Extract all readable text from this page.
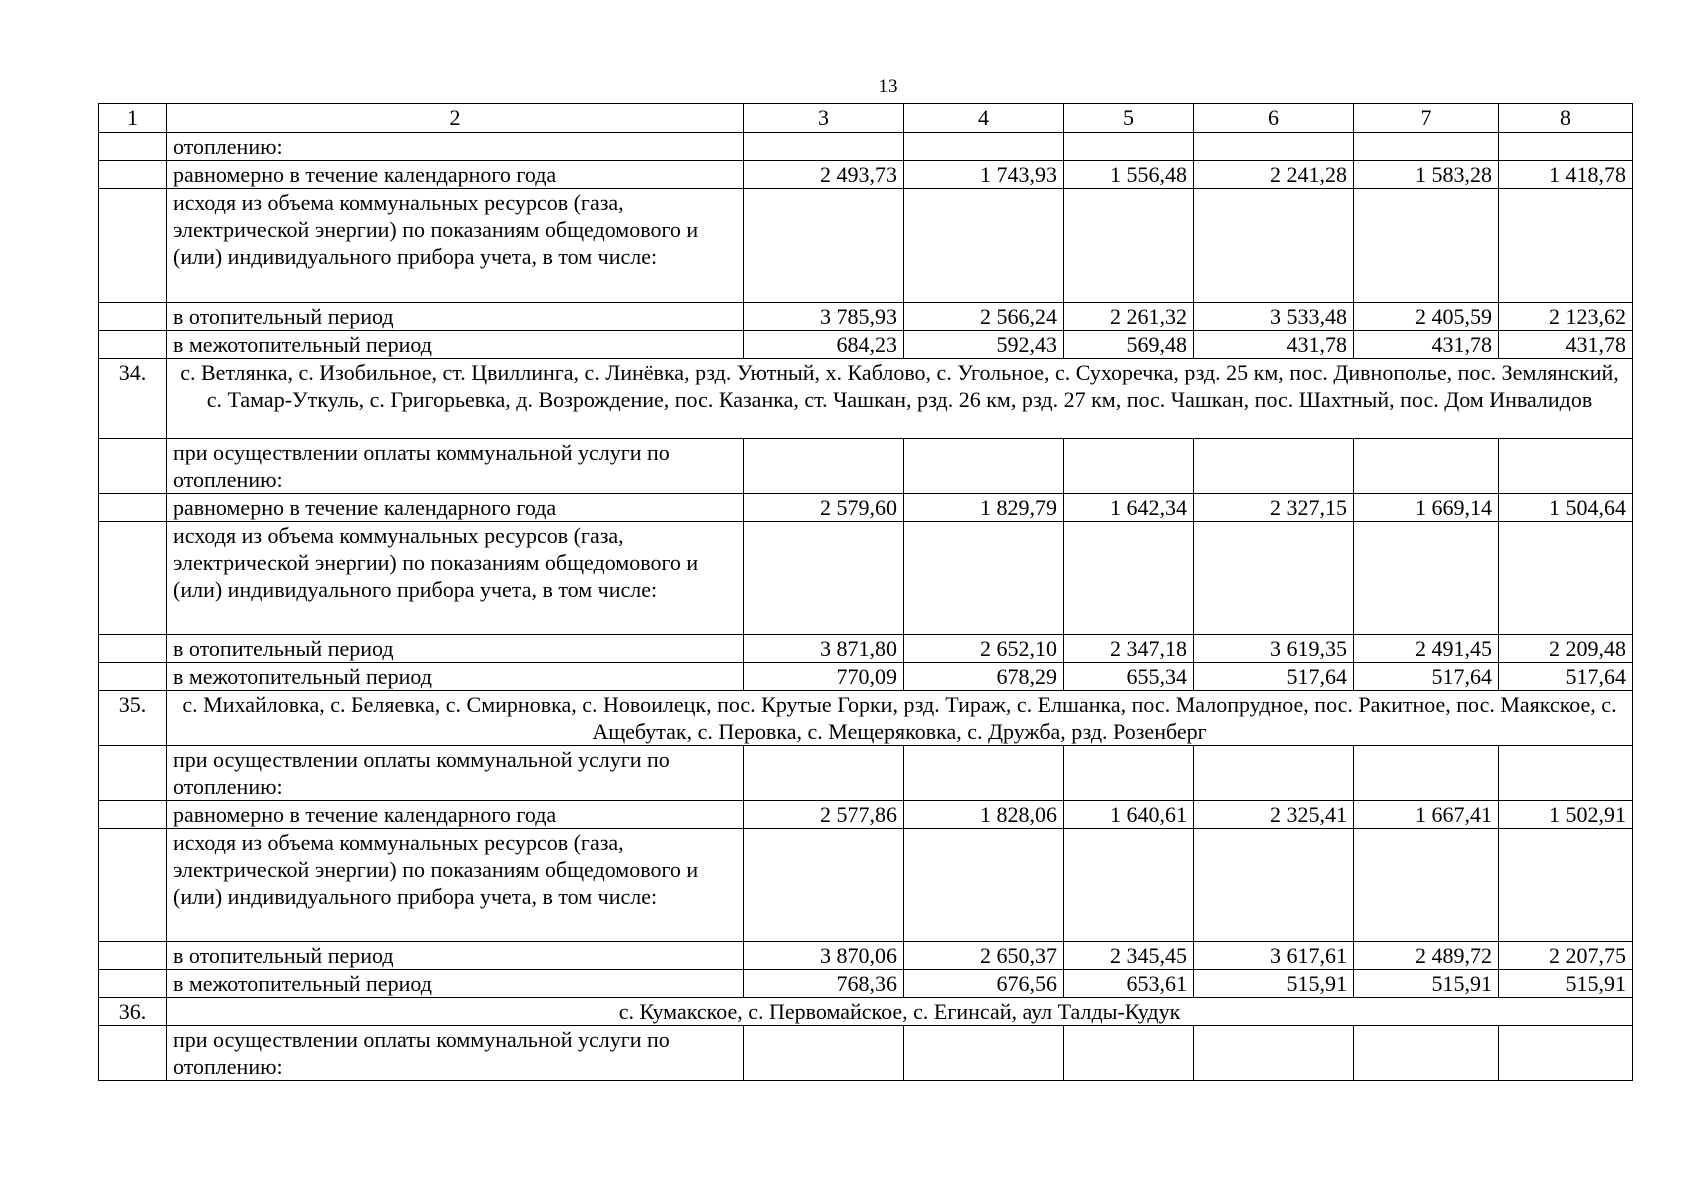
13
1	2	3	4	5	6	7	8
	отоплению:						
	равномерно в течение календарного года	2 493,73	1 743,93	1 556,48	2 241,28	1 583,28	1 418,78
	исходя из объема коммунальных ресурсов (газа, электрической энергии) по показаниям общедомового и (или) индивидуального прибора учета, в том числе:						
	в отопительный период	3 785,93	2 566,24	2 261,32	3 533,48	2 405,59	2 123,62
	в межотопительный период	684,23	592,43	569,48	431,78	431,78	431,78
34.	с. Ветлянка, с. Изобильное, ст. Цвиллинга, с. Линёвка, рзд. Уютный, х. Каблово, с. Угольное, с. Сухоречка, рзд. 25 км, пос. Дивнополье, пос. Землянский, с. Тамар-Уткуль, с. Григорьевка, д. Возрождение, пос. Казанка, ст. Чашкан, рзд. 26 км, рзд. 27 км, пос. Чашкан, пос. Шахтный, пос. Дом Инвалидов						
	при осуществлении оплаты коммунальной услуги по отоплению:						
	равномерно в течение календарного года	2 579,60	1 829,79	1 642,34	2 327,15	1 669,14	1 504,64
	исходя из объема коммунальных ресурсов (газа, электрической энергии) по показаниям общедомового и (или) индивидуального прибора учета, в том числе:						
	в отопительный период	3 871,80	2 652,10	2 347,18	3 619,35	2 491,45	2 209,48
	в межотопительный период	770,09	678,29	655,34	517,64	517,64	517,64
35.	с. Михайловка, с. Беляевка, с. Смирновка, с. Новоилецк, пос. Крутые Горки, рзд. Тираж, с. Елшанка, пос. Малопрудное, пос. Ракитное, пос. Маякское, с. Ащебутак, с. Перовка, с. Мещеряковка, с. Дружба, рзд. Розенберг						
	при осуществлении оплаты коммунальной услуги по отоплению:						
	равномерно в течение календарного года	2 577,86	1 828,06	1 640,61	2 325,41	1 667,41	1 502,91
	исходя из объема коммунальных ресурсов (газа, электрической энергии) по показаниям общедомового и (или) индивидуального прибора учета, в том числе:						
	в отопительный период	3 870,06	2 650,37	2 345,45	3 617,61	2 489,72	2 207,75
	в межотопительный период	768,36	676,56	653,61	515,91	515,91	515,91
36.	с. Кумакское, с. Первомайское, с. Егинсай, аул Талды-Кудук						
	при осуществлении оплаты коммунальной услуги по отоплению:						
